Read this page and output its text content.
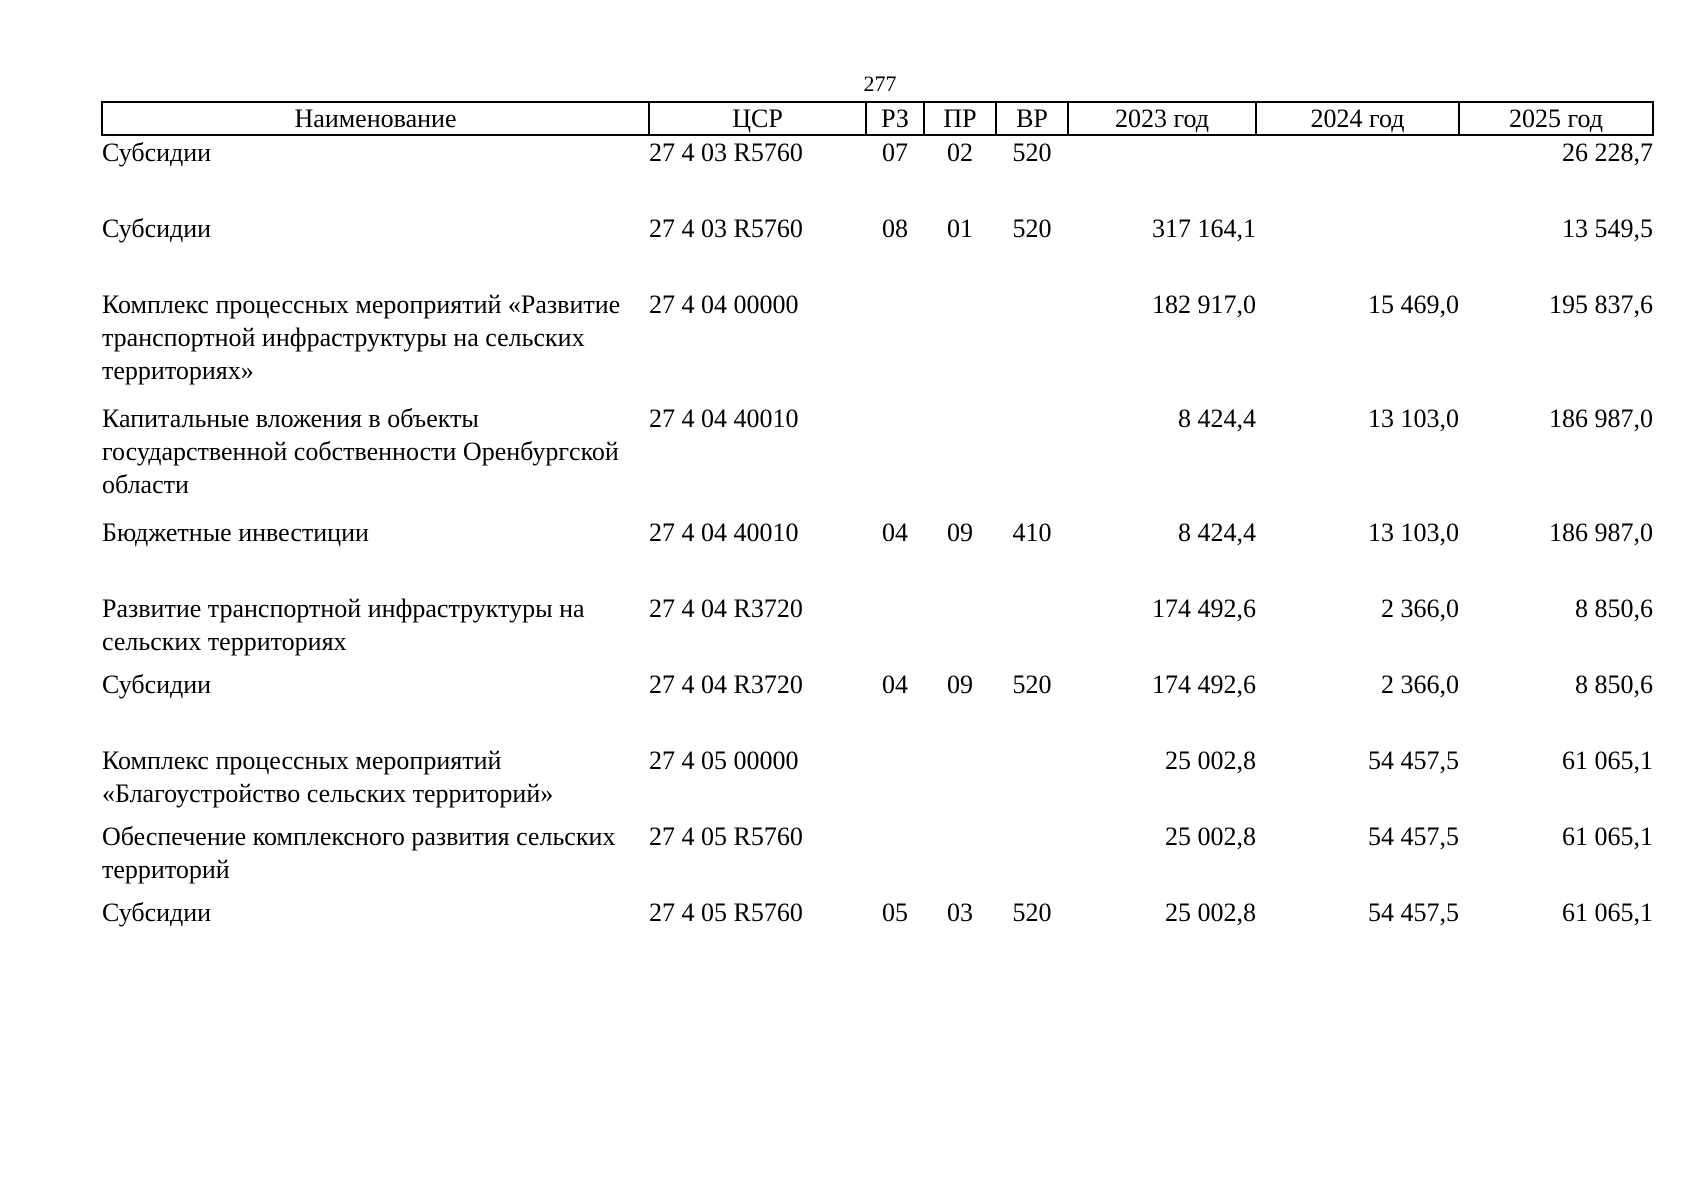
277
Наименование	ЦСР	РЗ	ПР	ВР	2023 год	2024 год	2025 год
Субсидии	27 4 03 R5760	07	02	520			26 228,7
Субсидии	27 4 03 R5760	08	01	520	317 164,1		13 549,5
Комплекс процессных мероприятий «Развитие транспортной инфраструктуры на сельских территориях»	27 4 04 00000				182 917,0	15 469,0	195 837,6
Капитальные вложения в объекты государственной собственности Оренбургской области	27 4 04 40010				8 424,4	13 103,0	186 987,0
Бюджетные инвестиции	27 4 04 40010	04	09	410	8 424,4	13 103,0	186 987,0
Развитие транспортной инфраструктуры на сельских территориях	27 4 04 R3720				174 492,6	2 366,0	8 850,6
Субсидии	27 4 04 R3720	04	09	520	174 492,6	2 366,0	8 850,6
Комплекс процессных мероприятий «Благоустройство сельских территорий»	27 4 05 00000				25 002,8	54 457,5	61 065,1
Обеспечение комплексного развития сельских территорий	27 4 05 R5760				25 002,8	54 457,5	61 065,1
Субсидии	27 4 05 R5760	05	03	520	25 002,8	54 457,5	61 065,1
